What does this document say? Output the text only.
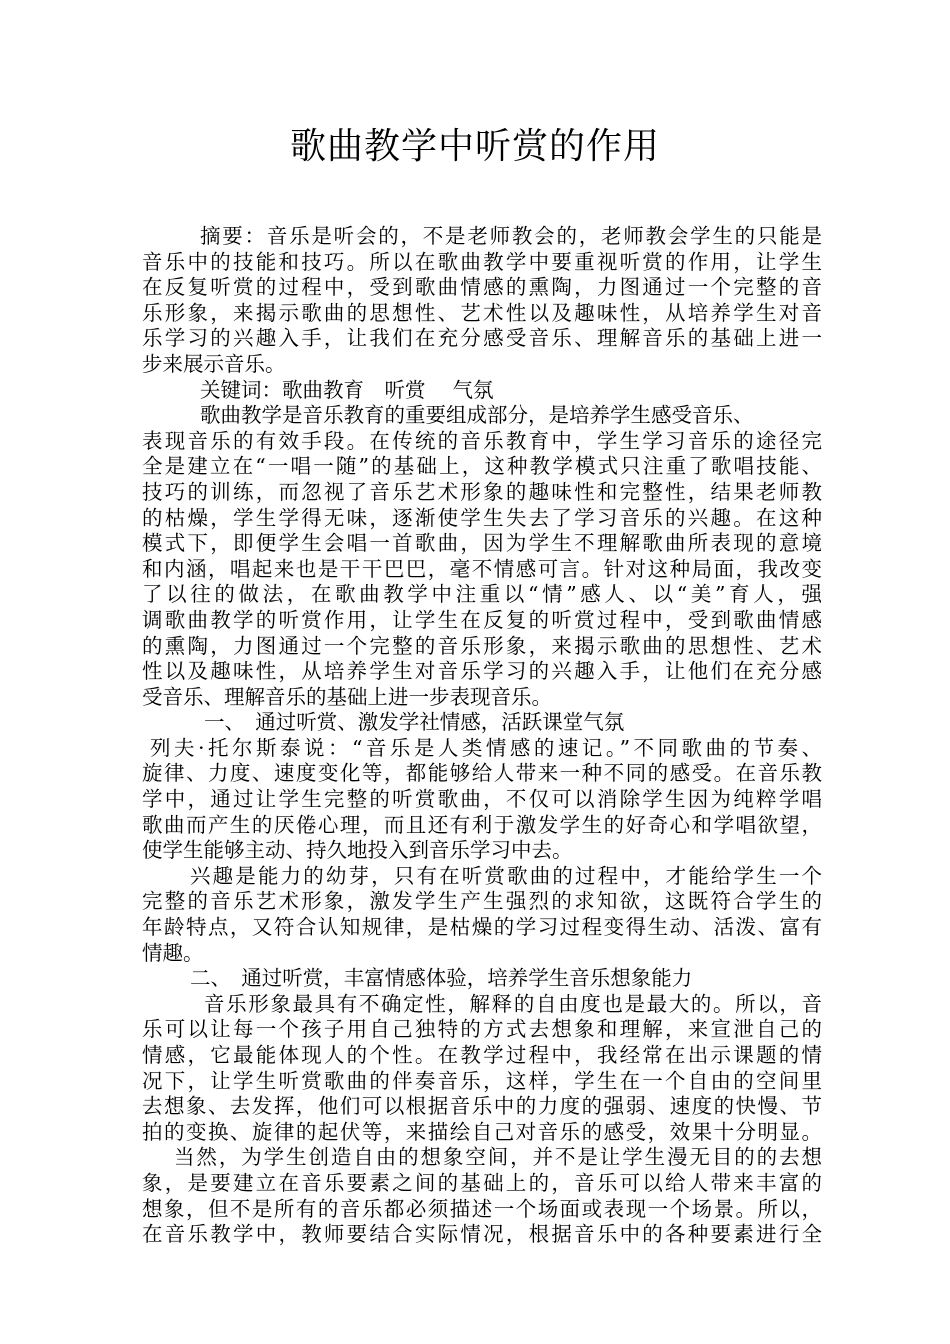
歌曲教学中听赏的作用
摘要：音乐是听会的，不是老师教会的，老师教会学生的只能是
音乐中的技能和技巧。所以在歌曲教学中要重视听赏的作用，让学生
在反复听赏的过程中，受到歌曲情感的熏陶，力图通过一个完整的音
乐形象，来揭示歌曲的思想性、艺术性以及趣味性，从培养学生对音
乐学习的兴趣入手，让我们在充分感受音乐、理解音乐的基础上进一
步来展示音乐。
关键词：歌曲教育　听赏　 气氛
歌曲教学是音乐教育的重要组成部分，是培养学生感受音乐、
表现音乐的有效手段。在传统的音乐教育中，学生学习音乐的途径完
全是建立在“一唱一随”的基础上，这种教学模式只注重了歌唱技能、
技巧的训练，而忽视了音乐艺术形象的趣味性和完整性，结果老师教
的枯燥，学生学得无味，逐渐使学生失去了学习音乐的兴趣。在这种
模式下，即便学生会唱一首歌曲，因为学生不理解歌曲所表现的意境
和内涵，唱起来也是干干巴巴，毫不情感可言。针对这种局面，我改变
了以往的做法，在歌曲教学中注重以“情”感人、以“美”育人，强
调歌曲教学的听赏作用，让学生在反复的听赏过程中，受到歌曲情感
的熏陶，力图通过一个完整的音乐形象，来揭示歌曲的思想性、艺术
性以及趣味性，从培养学生对音乐学习的兴趣入手，让他们在充分感
受音乐、理解音乐的基础上进一步表现音乐。
一、　通过听赏、激发学社情感，活跃课堂气氛
列夫·托尔斯泰说：“音乐是人类情感的速记。”不同歌曲的节奏、
旋律、力度、速度变化等，都能够给人带来一种不同的感受。在音乐教
学中，通过让学生完整的听赏歌曲，不仅可以消除学生因为纯粹学唱
歌曲而产生的厌倦心理，而且还有利于激发学生的好奇心和学唱欲望，
使学生能够主动、持久地投入到音乐学习中去。
兴趣是能力的幼芽，只有在听赏歌曲的过程中，才能给学生一个
完整的音乐艺术形象，激发学生产生强烈的求知欲，这既符合学生的
年龄特点，又符合认知规律，是枯燥的学习过程变得生动、活泼、富有
情趣。
二、　通过听赏，丰富情感体验，培养学生音乐想象能力
音乐形象最具有不确定性，解释的自由度也是最大的。所以，音
乐可以让每一个孩子用自己独特的方式去想象和理解，来宣泄自己的
情感，它最能体现人的个性。在教学过程中，我经常在出示课题的情
况下，让学生听赏歌曲的伴奏音乐，这样，学生在一个自由的空间里
去想象、去发挥，他们可以根据音乐中的力度的强弱、速度的快慢、节
拍的变换、旋律的起伏等，来描绘自己对音乐的感受，效果十分明显。
当然，为学生创造自由的想象空间，并不是让学生漫无目的的去想
象，是要建立在音乐要素之间的基础上的，音乐可以给人带来丰富的
想象，但不是所有的音乐都必须描述一个场面或表现一个场景。所以，
在音乐教学中，教师要结合实际情况，根据音乐中的各种要素进行全
